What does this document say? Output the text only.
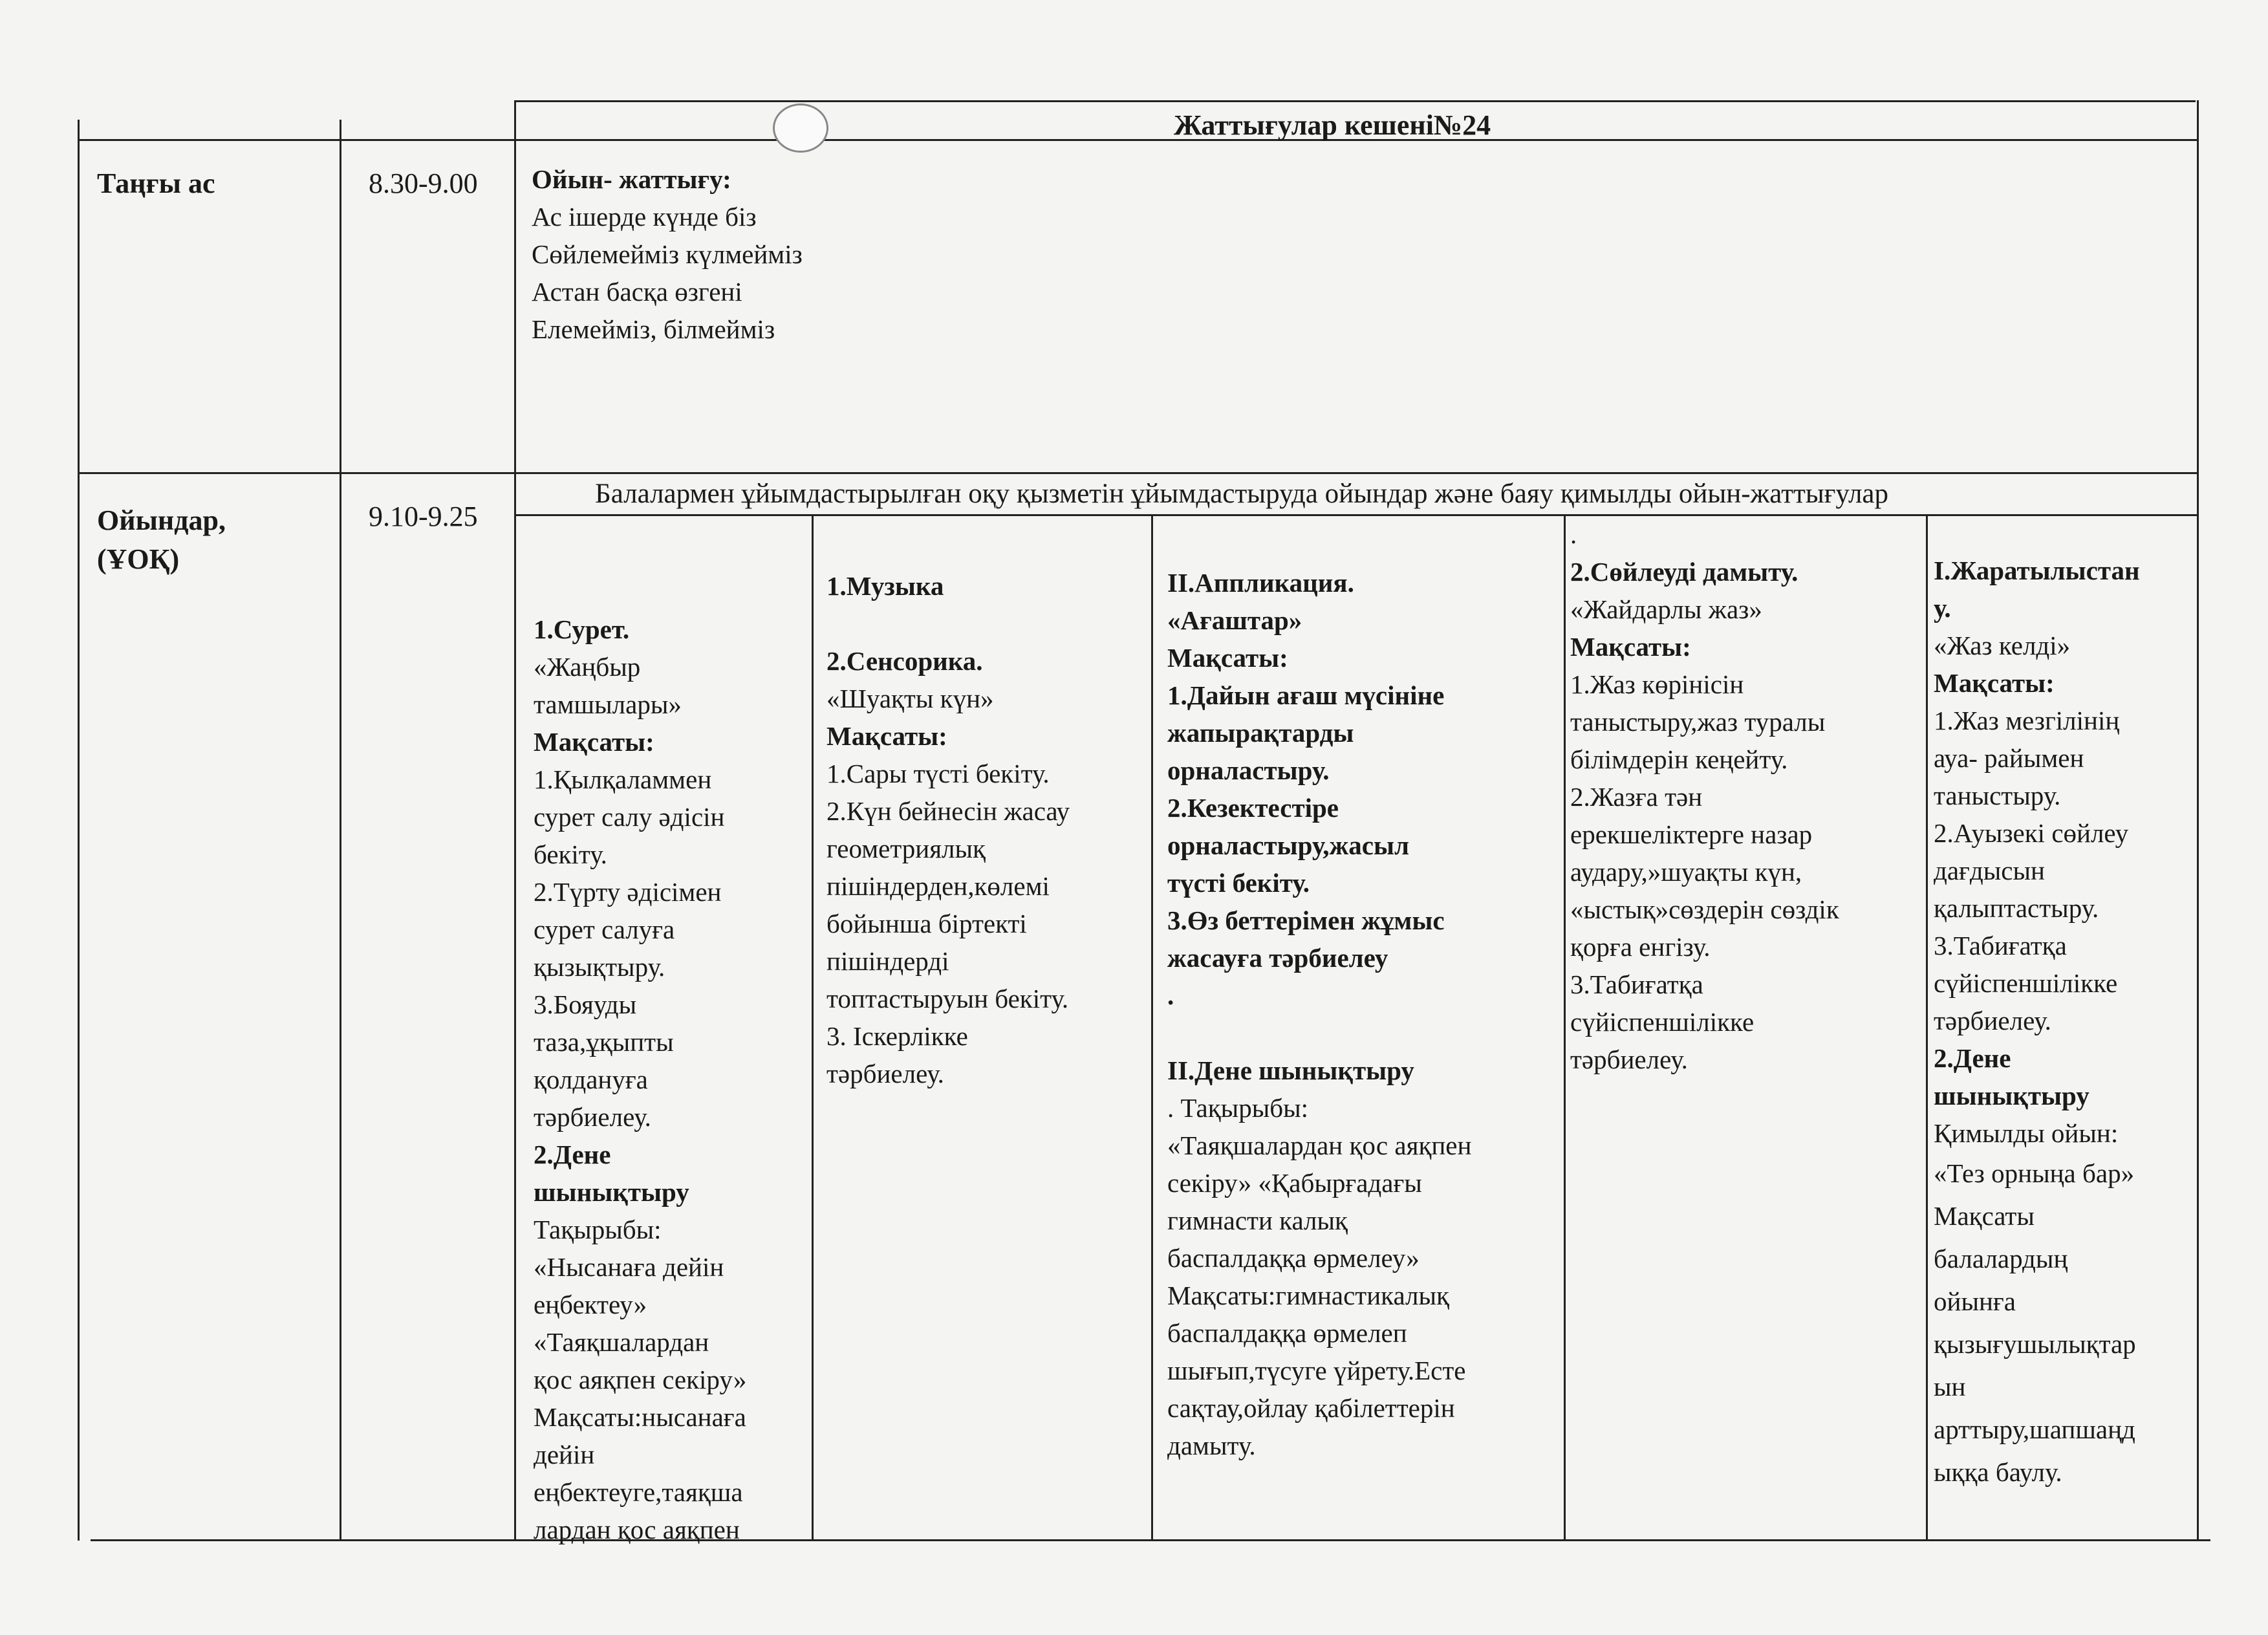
Жаттығулар кешені№24
Таңғы ас	8.30-9.00 Ойын- жаттығу:
Ас ішерде күнде біз
Сөйлемеймiз күлмеймiз
Астан басқа өзгені
Елемейміз, білмейміз
Ойындар,
(ҰОҚ)
9.10-9.25
Балалармен ұйымдастырылған оқу қызметін ұйымдастыруда ойындар және баяу қимылды ойын-жаттығулар
1.Сурет.
«Жаңбыр
тамшылары»
Мақсаты:
1.Қылқаламмен
сурет салу әдісін
бекіту.
2.Түрту әдісімен
сурет салуға
қызықтыру.
3.Бояуды
таза,ұқыпты
қолдануға
тәрбиелеу.
2.Дене
шынықтыру
Тақырыбы:
«Нысанаға дейін
еңбектеу»
«Таяқшалардан
қос аяқпен секіру»
Мақсаты:нысанаға
дейін
еңбектеуге,таяқша
лардан қос аяқпен
1.Музыка
2.Сенсорика.
«Шуақты күн»
Мақсаты:
1.Сары түсті бекіту.
2.Күн бейнесін жасау
геометриялық
пішіндерден,көлемі
бойынша біртекті
пішіндерді
топтастыруын бекіту.
3. Іскерлікке
тәрбиелеу.
ІІ.Аппликация.
«Ағаштар»
Мақсаты:
1.Дайын ағаш мүсініне
жапырақтарды
орналастыру.
2.Кезектестіре
орналастыру,жасыл
түсті бекіту.
3.Өз беттерімен жұмыс
жасауға тәрбиелеу
.
ІІ.Дене шынықтыру
. Тақырыбы:
«Таяқшалардан қос аяқпен
секіру» «Қабырғадағы
гимнасти калық
баспалдаққа өрмелеу»
Мақсаты:гимнастикалық
баспалдаққа өрмелеп
шығып,түсуге үйрету.Есте
сақтау,ойлау қабілеттерін
дамыту.
.
2.Сөйлеуді дамыту.
«Жайдарлы жаз»
Мақсаты:
1.Жаз көрінісін
таныстыру,жаз туралы
білімдерін кеңейту.
2.Жазға тән
ерекшеліктерге назар
аудару,»шуақты күн,
«ыстық»сөздерін сөздік
қорға енгізу.
3.Табиғатқа
сүйіспеншілікке
тәрбиелеу.
І.Жаратылыстан
у.
«Жаз келді»
Мақсаты:
1.Жаз мезгілінің
ауа- райымен
таныстыру.
2.Ауызекі сөйлеу
дағдысын
қалыптастыру.
3.Табиғатқа
сүйіспеншілікке
тәрбиелеу.
2.Дене
шынықтыру
Қимылды ойын:
«Тез орныңа бар»
Мақсаты
балалардың
ойынға
қызығушылықтар
ын
арттыру,шапшаңд
ыққа баулу.
